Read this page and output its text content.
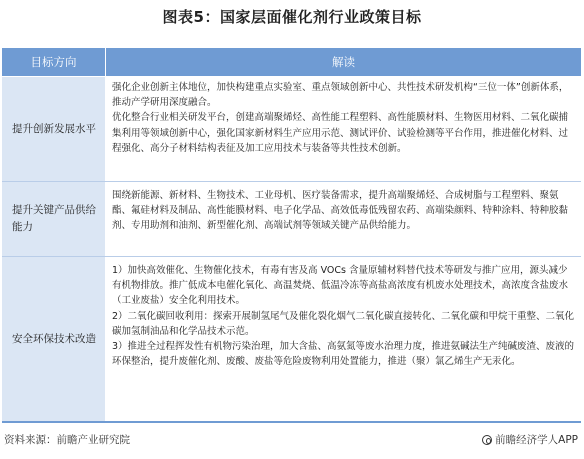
图表5：国家层面催化剂行业政策目标
目标方向	解读
提升创新发展水平

强化企业创新主体地位，加快构建重点实验室、重点领域创新中心、共性技术研发机构“三位一体”创新体系，推动产学研用深度融合。

优化整合行业相关研发平台，创建高端聚烯烃、高性能工程塑料、高性能膜材料、生物医用材料、二氧化碳捕集利用等领域创新中心，强化国家新材料生产应用示范、测试评价、试验检测等平台作用，推进催化材料、过程强化、高分子材料结构表征及加工应用技术与装备等共性技术创新。

提升关键产品供给能力

围绕新能源、新材料、生物技术、工业母机、医疗装备需求，提升高端聚烯烃、合成树脂与工程塑料、聚氨酯、氟硅材料及制品、高性能膜材料、电子化学品、高效低毒低残留农药、高端染颜料、特种涂料、特种胶黏剂、专用助剂和油剂、新型催化剂、高端试剂等领域关键产品供给能力。

安全环保技术改造

1）加快高效催化、生物催化技术，有毒有害及高 VOCs 含量原辅材料替代技术等研发与推广应用，源头减少有机物排放。推广低成本电催化氧化、高温焚烧、低温冷冻等高盐高浓度有机废水处理技术，高浓度含盐废水（工业废盐）安全化利用技术。

2）二氧化碳回收利用：探索开展制氢尾气及催化裂化烟气二氧化碳直接转化、二氧化碳和甲烷干重整、二氧化碳加氢制油品和化学品技术示范。

3）推进全过程挥发性有机物污染治理，加大含盐、高氨氮等废水治理力度，推进氨碱法生产纯碱废渣、废液的环保整治，提升废催化剂、废酸、废盐等危险废物利用处置能力，推进（聚）氯乙烯生产无汞化。

资料来源：前瞻产业研究院	前瞻经济学人APP
